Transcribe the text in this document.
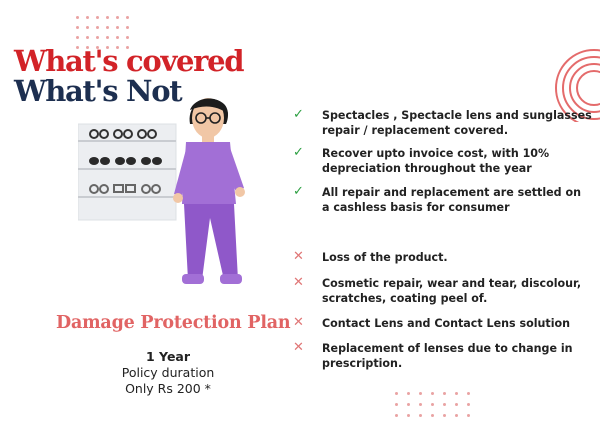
What's covered
What's Not
✓	Spectacles , Spectacle lens and sunglasses repair / replacement covered.
✓	Recover upto invoice cost, with 10% depreciation throughout the year
✓	All repair and replacement are settled on a cashless basis for consumer
✕	Loss of the product.
✕	Cosmetic repair, wear and tear, discolour, scratches, coating peel of.
✕	Contact Lens and Contact Lens solution
✕	Replacement of lenses due to change in prescription.
Damage Protection Plan
1 Year
Policy duration
Only Rs 200 *
